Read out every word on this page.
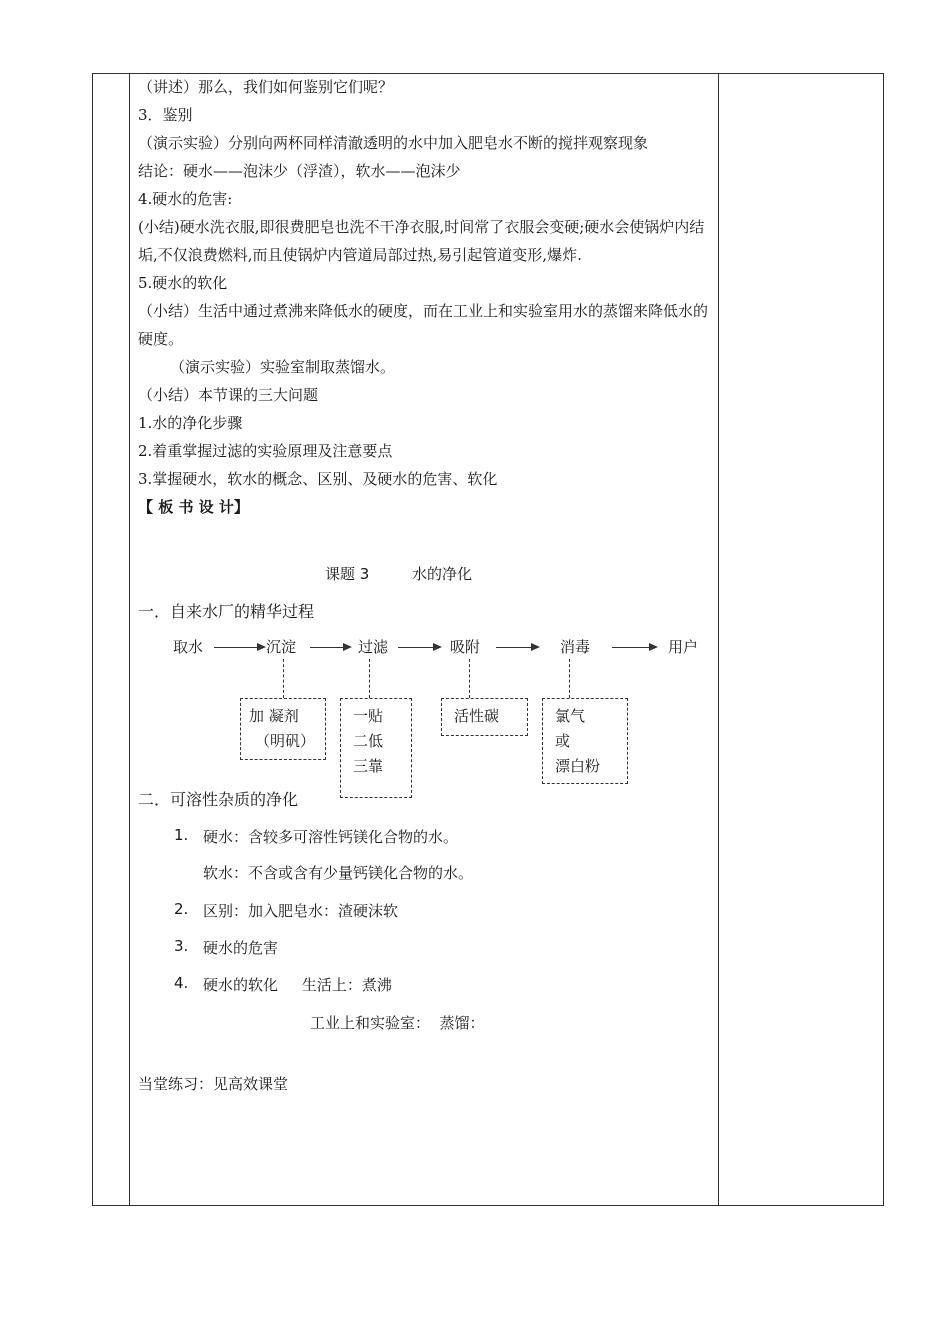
（讲述）那么，我们如何鉴别它们呢？

3．鉴别

（演示实验）分别向两杯同样清澈透明的水中加入肥皂水不断的搅拌观察现象

结论：硬水——泡沫少（浮渣），软水——泡沫少

4.硬水的危害:

(小结)硬水洗衣服,即很费肥皂也洗不干净衣服,时间常了衣服会变硬;硬水会使锅炉内结垢,不仅浪费燃料,而且使锅炉内管道局部过热,易引起管道变形,爆炸.

5.硬水的软化

（小结）生活中通过煮沸来降低水的硬度，而在工业上和实验室用水的蒸馏来降低水的硬度。

（演示实验）实验室制取蒸馏水。

（小结）本节课的三大问题

1.水的净化步骤

2.着重掌握过滤的实验原理及注意要点

3.掌握硬水，软水的概念、区别、及硬水的危害、软化

【 板 书 设 计】

课题 3	水的净化
一．自来水厂的精华过程
取水	沉淀	过滤	吸附	消毒	用户
加 凝剂
（明矾）
一贴
二低
三靠
活性碳	氯气
或
漂白粉
二．可溶性杂质的净化
1. 硬水：含较多可溶性钙镁化合物的水。
软水：不含或含有少量钙镁化合物的水。
2. 区别：加入肥皂水：渣硬沫软
3. 硬水的危害
4. 硬水的软化     生活上：煮沸
工业上和实验室：  蒸馏：
当堂练习：见高效课堂
